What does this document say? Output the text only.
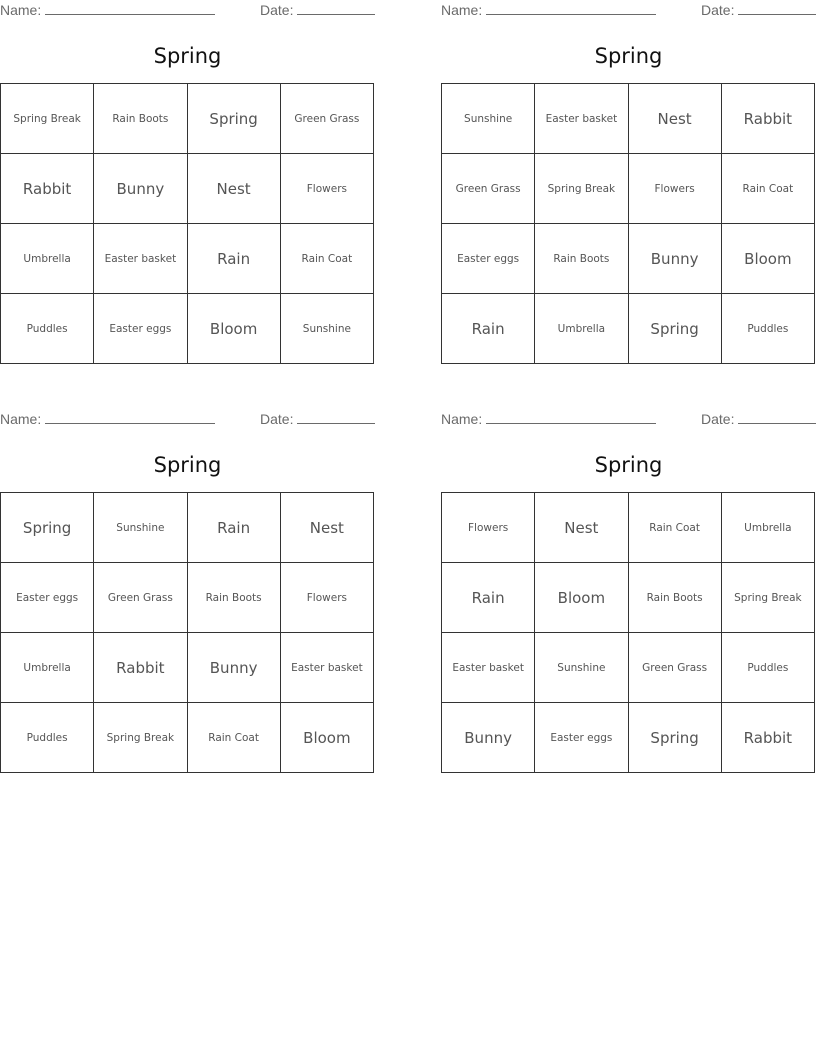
Name:	Date:
Spring
Spring Break	Rain Boots	Spring	Green Grass
Rabbit	Bunny	Nest	Flowers
Umbrella	Easter basket	Rain	Rain Coat
Puddles	Easter eggs	Bloom	Sunshine
Name:	Date:
Spring
Sunshine	Easter basket	Nest	Rabbit
Green Grass	Spring Break	Flowers	Rain Coat
Easter eggs	Rain Boots	Bunny	Bloom
Rain	Umbrella	Spring	Puddles
Name:	Date:
Spring
Spring	Sunshine	Rain	Nest
Easter eggs	Green Grass	Rain Boots	Flowers
Umbrella	Rabbit	Bunny	Easter basket
Puddles	Spring Break	Rain Coat	Bloom
Name:	Date:
Spring
Flowers	Nest	Rain Coat	Umbrella
Rain	Bloom	Rain Boots	Spring Break
Easter basket	Sunshine	Green Grass	Puddles
Bunny	Easter eggs	Spring	Rabbit
